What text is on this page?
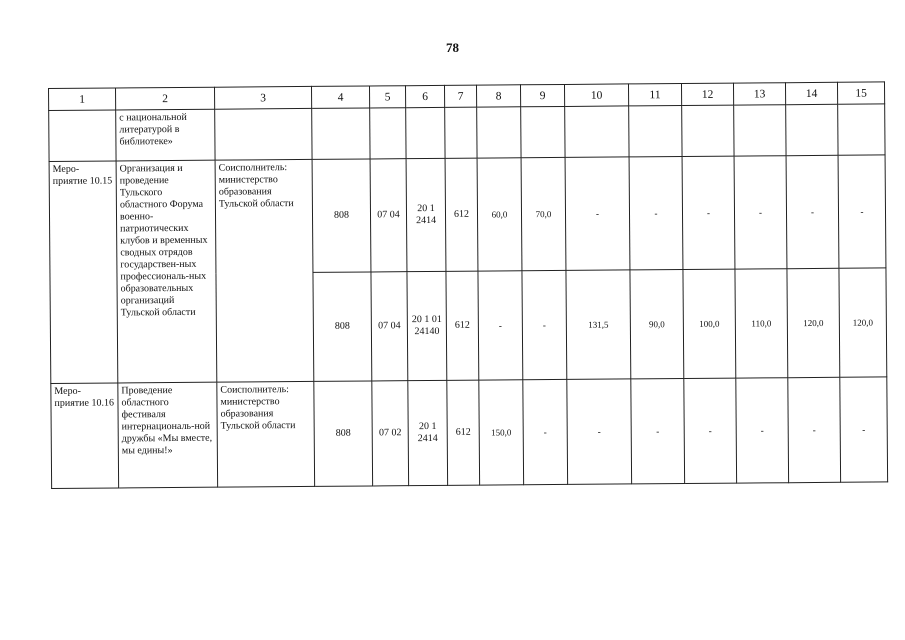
78
1	2	3	4	5	6	7	8	9	10	11	12	13	14	15
	с национальной литературой в библиотеке»													
Меро-приятие 10.15	Организация и проведение Тульского областного Форума военно-патриотических клубов и временных сводных отрядов государствен-ных профессиональ-ных образовательных организаций Тульской области	Соисполнитель: министерство образования Тульской области	808	07 04	20 1 2414	612	60,0	70,0	-	-	-	-	-	-
			808	07 04	20 1 01 24140	612	-	-	131,5	90,0	100,0	110,0	120,0	120,0
Меро-приятие 10.16	Проведение областного фестиваля интернациональ-ной дружбы «Мы вместе, мы едины!»	Соисполнитель: министерство образования Тульской области	808	07 02	20 1 2414	612	150,0	-	-	-	-	-	-	-
